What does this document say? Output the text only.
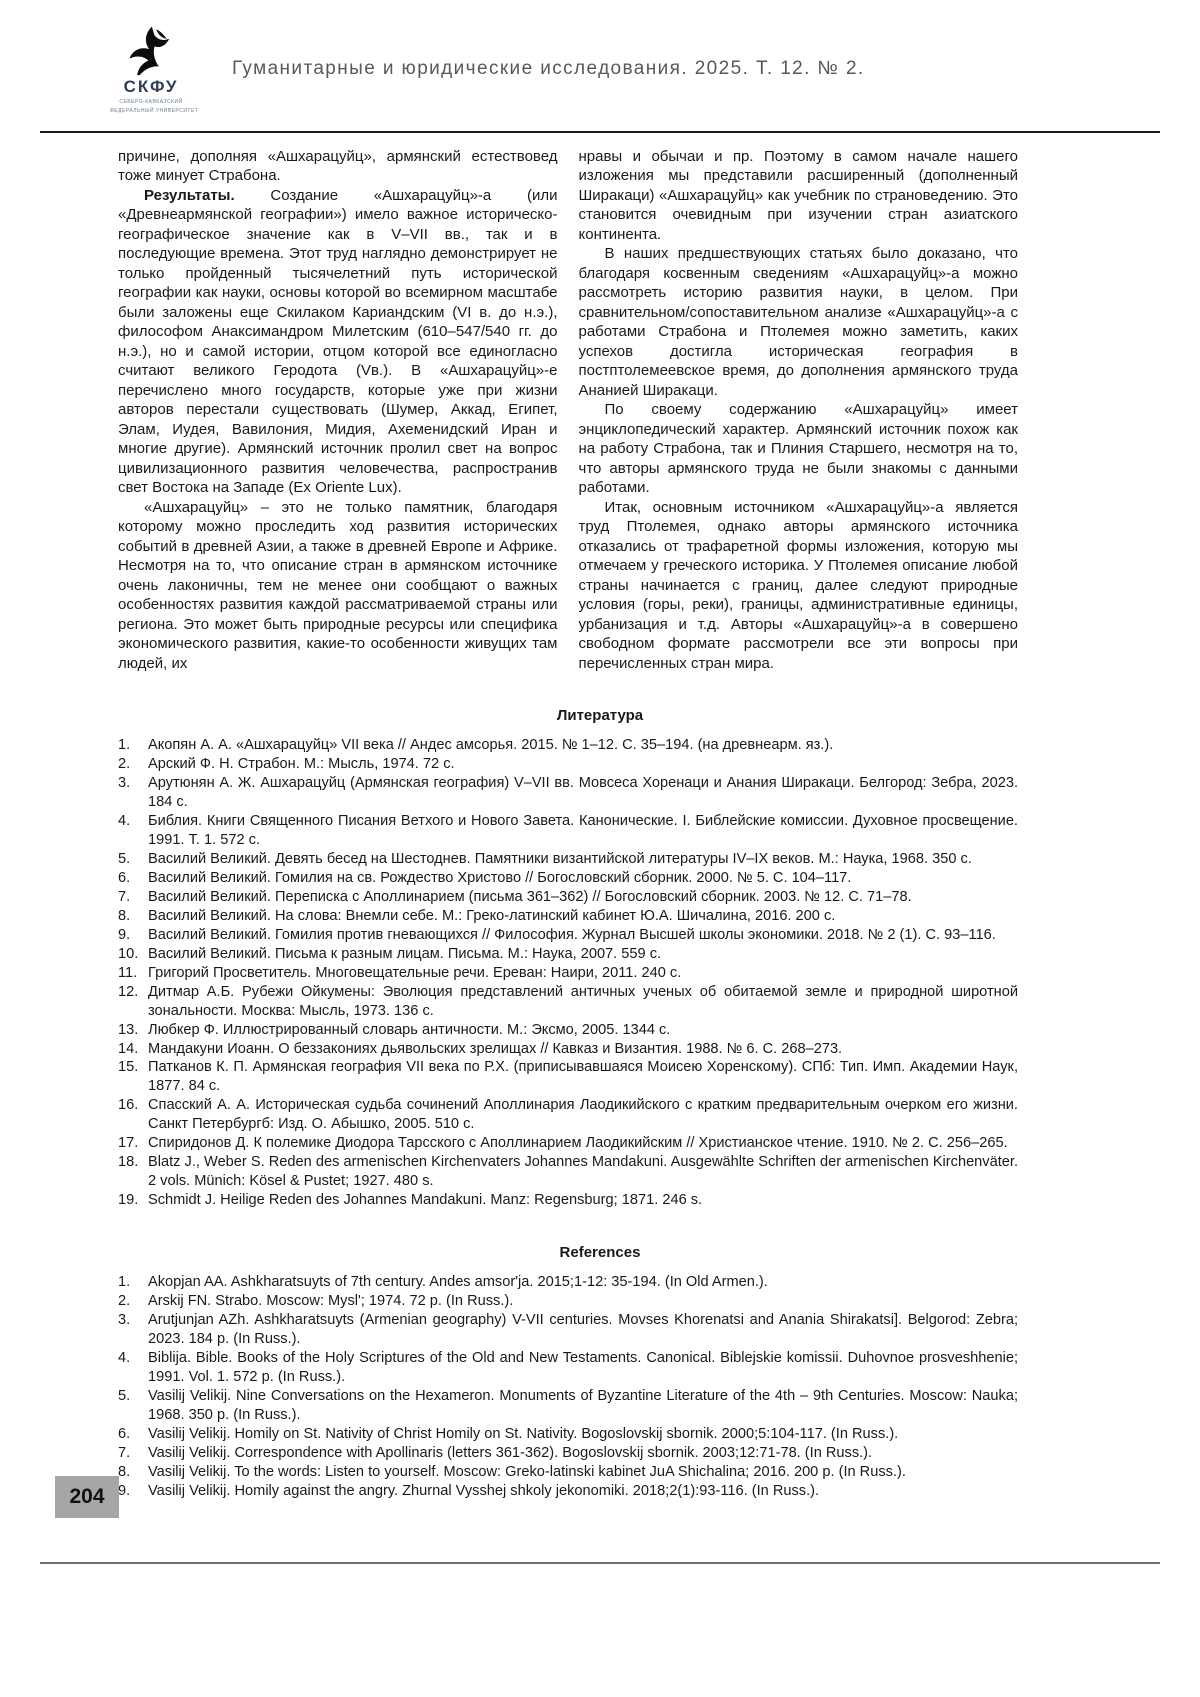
СКФУ
СЕВЕРО-КАВКАЗСКИЙ
ФЕДЕРАЛЬНЫЙ УНИВЕРСИТЕТ
Гуманитарные и юридические исследования. 2025. Т. 12. № 2.

причине, дополняя «Ашхарацуйц», армянский естествовед тоже минует Страбона.

Результаты. Создание «Ашхарацуйц»-а (или «Древнеармянской географии») имело важное историческо-географическое значение как в V–VII вв., так и в последующие времена. Этот труд наглядно демонстрирует не только пройденный тысячелетний путь исторической географии как науки, основы которой во всемирном масштабе были заложены еще Скилаком Кариандским (VI в. до н.э.), философом Анаксимандром Милетским (610–547/540 гг. до н.э.), но и самой истории, отцом которой все единогласно считают великого Геродота (Vв.). В «Ашхарацуйц»-е перечислено много государств, которые уже при жизни авторов перестали существовать (Шумер, Аккад, Египет, Элам, Иудея, Вавилония, Мидия, Ахеменидский Иран и многие другие). Армянский источник пролил свет на вопрос цивилизационного развития человечества, распространив свет Востока на Западе (Ex Oriente Lux).

«Ашхарацуйц» – это не только памятник, благодаря которому можно проследить ход развития исторических событий в древней Азии, а также в древней Европе и Африке. Несмотря на то, что описание стран в армянском источнике очень лаконичны, тем не менее они сообщают о важных особенностях развития каждой рассматриваемой страны или региона. Это может быть природные ресурсы или специфика экономического развития, какие-то особенности живущих там людей, их

нравы и обычаи и пр. Поэтому в самом начале нашего изложения мы представили расширенный (дополненный Ширакаци) «Ашхарацуйц» как учебник по страноведению. Это становится очевидным при изучении стран азиатского континента.

В наших предшествующих статьях было доказано, что благодаря косвенным сведениям «Ашхарацуйц»-а можно рассмотреть историю развития науки, в целом. При сравнительном/сопоставительном анализе «Ашхарацуйц»-а с работами Страбона и Птолемея можно заметить, каких успехов достигла историческая география в постптолемеевское время, до дополнения армянского труда Ананией Ширакаци.

По своему содержанию «Ашхарацуйц» имеет энциклопедический характер. Армянский источник похож как на работу Страбона, так и Плиния Старшего, несмотря на то, что авторы армянского труда не были знакомы с данными работами.

Итак, основным источником «Ашхарацуйц»-а является труд Птолемея, однако авторы армянского источника отказались от трафаретной формы изложения, которую мы отмечаем у греческого историка. У Птолемея описание любой страны начинается с границ, далее следуют природные условия (горы, реки), границы, административные единицы, урбанизация и т.д. Авторы «Ашхарацуйц»-а в совершено свободном формате рассмотрели все эти вопросы при перечисленных стран мира.

Литература
Акопян А. А. «Ашхарацуйц» VII века // Андес амсорья. 2015. № 1–12. С. 35–194. (на древнеарм. яз.).
Арский Ф. Н. Страбон. М.: Мысль, 1974. 72 с.
Арутюнян А. Ж. Ашхарацуйц (Армянская география) V–VII вв. Мовсеса Хоренаци и Анания Ширакаци. Белгород: Зебра, 2023. 184 с.
Библия. Книги Священного Писания Ветхого и Нового Завета. Канонические. I. Библейские комиссии. Духовное просвещение. 1991. Т. 1. 572 с.
Василий Великий. Девять бесед на Шестоднев. Памятники византийской литературы IV–IX веков. М.: Наука, 1968. 350 с.
Василий Великий. Гомилия на св. Рождество Христово // Богословский сборник. 2000. № 5. С. 104–117.
Василий Великий. Переписка с Аполлинарием (письма 361–362) // Богословский сборник. 2003. № 12. С. 71–78.
Василий Великий. На слова: Внемли себе. М.: Греко-латинский кабинет Ю.А. Шичалина, 2016. 200 с.
Василий Великий. Гомилия против гневающихся // Философия. Журнал Высшей школы экономики. 2018. № 2 (1). С. 93–116.
Василий Великий. Письма к разным лицам. Письма. М.: Наука, 2007. 559 с.
Григорий Просветитель. Многовещательные речи. Ереван: Наири, 2011. 240 с.
Дитмар А.Б. Рубежи Ойкумены: Эволюция представлений античных ученых об обитаемой земле и природной широтной зональности. Москва: Мысль, 1973. 136 с.
Любкер Ф. Иллюстрированный словарь античности. М.: Эксмо, 2005. 1344 с.
Мандакуни Иоанн. О беззакониях дьявольских зрелищах // Кавказ и Византия. 1988. № 6. С. 268–273.
Патканов К. П. Армянская география VII века по Р.Х. (приписывавшаяся Моисею Хоренскому). СПб: Тип. Имп. Академии Наук, 1877. 84 с.
Спасский А. А. Историческая судьба сочинений Аполлинария Лаодикийского с кратким предварительным очерком его жизни. Санкт Петербургб: Изд. О. Абышко, 2005. 510 с.
Спиридонов Д. К полемике Диодора Тарсского с Аполлинарием Лаодикийским // Христианское чтение. 1910. № 2. С. 256–265.
Blatz J., Weber S. Reden des armenischen Kirchenvaters Johannes Mandakuni. Ausgewählte Schriften der armenischen Kirchenväter. 2 vols. Münich: Kösel & Pustet; 1927. 480 s.
Schmidt J. Heilige Reden des Johannes Mandakuni. Manz: Regensburg; 1871. 246 s.
References
Akopjan AA. Ashkharatsuyts of 7th century. Andes amsor'ja. 2015;1-12: 35-194. (In Old Armen.).
Arskij FN. Strabo. Moscow: Mysl'; 1974. 72 p. (In Russ.).
Arutjunjan AZh. Ashkharatsuyts (Armenian geography) V-VII centuries. Movses Khorenatsi and Anania Shirakatsi]. Belgorod: Zebra; 2023. 184 p. (In Russ.).
Biblija. Bible. Books of the Holy Scriptures of the Old and New Testaments. Canonical. Biblejskie komissii. Duhovnoe prosveshhenie; 1991. Vol. 1. 572 p. (In Russ.).
Vasilij Velikij. Nine Conversations on the Hexameron. Monuments of Byzantine Literature of the 4th – 9th Centuries. Moscow: Nauka; 1968. 350 p. (In Russ.).
Vasilij Velikij. Homily on St. Nativity of Christ Homily on St. Nativity. Bogoslovskij sbornik. 2000;5:104-117. (In Russ.).
Vasilij Velikij. Correspondence with Apollinaris (letters 361-362). Bogoslovskij sbornik. 2003;12:71-78. (In Russ.).
Vasilij Velikij. To the words: Listen to yourself. Moscow: Greko-latinski kabinet JuA Shichalina; 2016. 200 p. (In Russ.).
Vasilij Velikij. Homily against the angry. Zhurnal Vysshej shkoly jekonomiki. 2018;2(1):93-116. (In Russ.).
204
